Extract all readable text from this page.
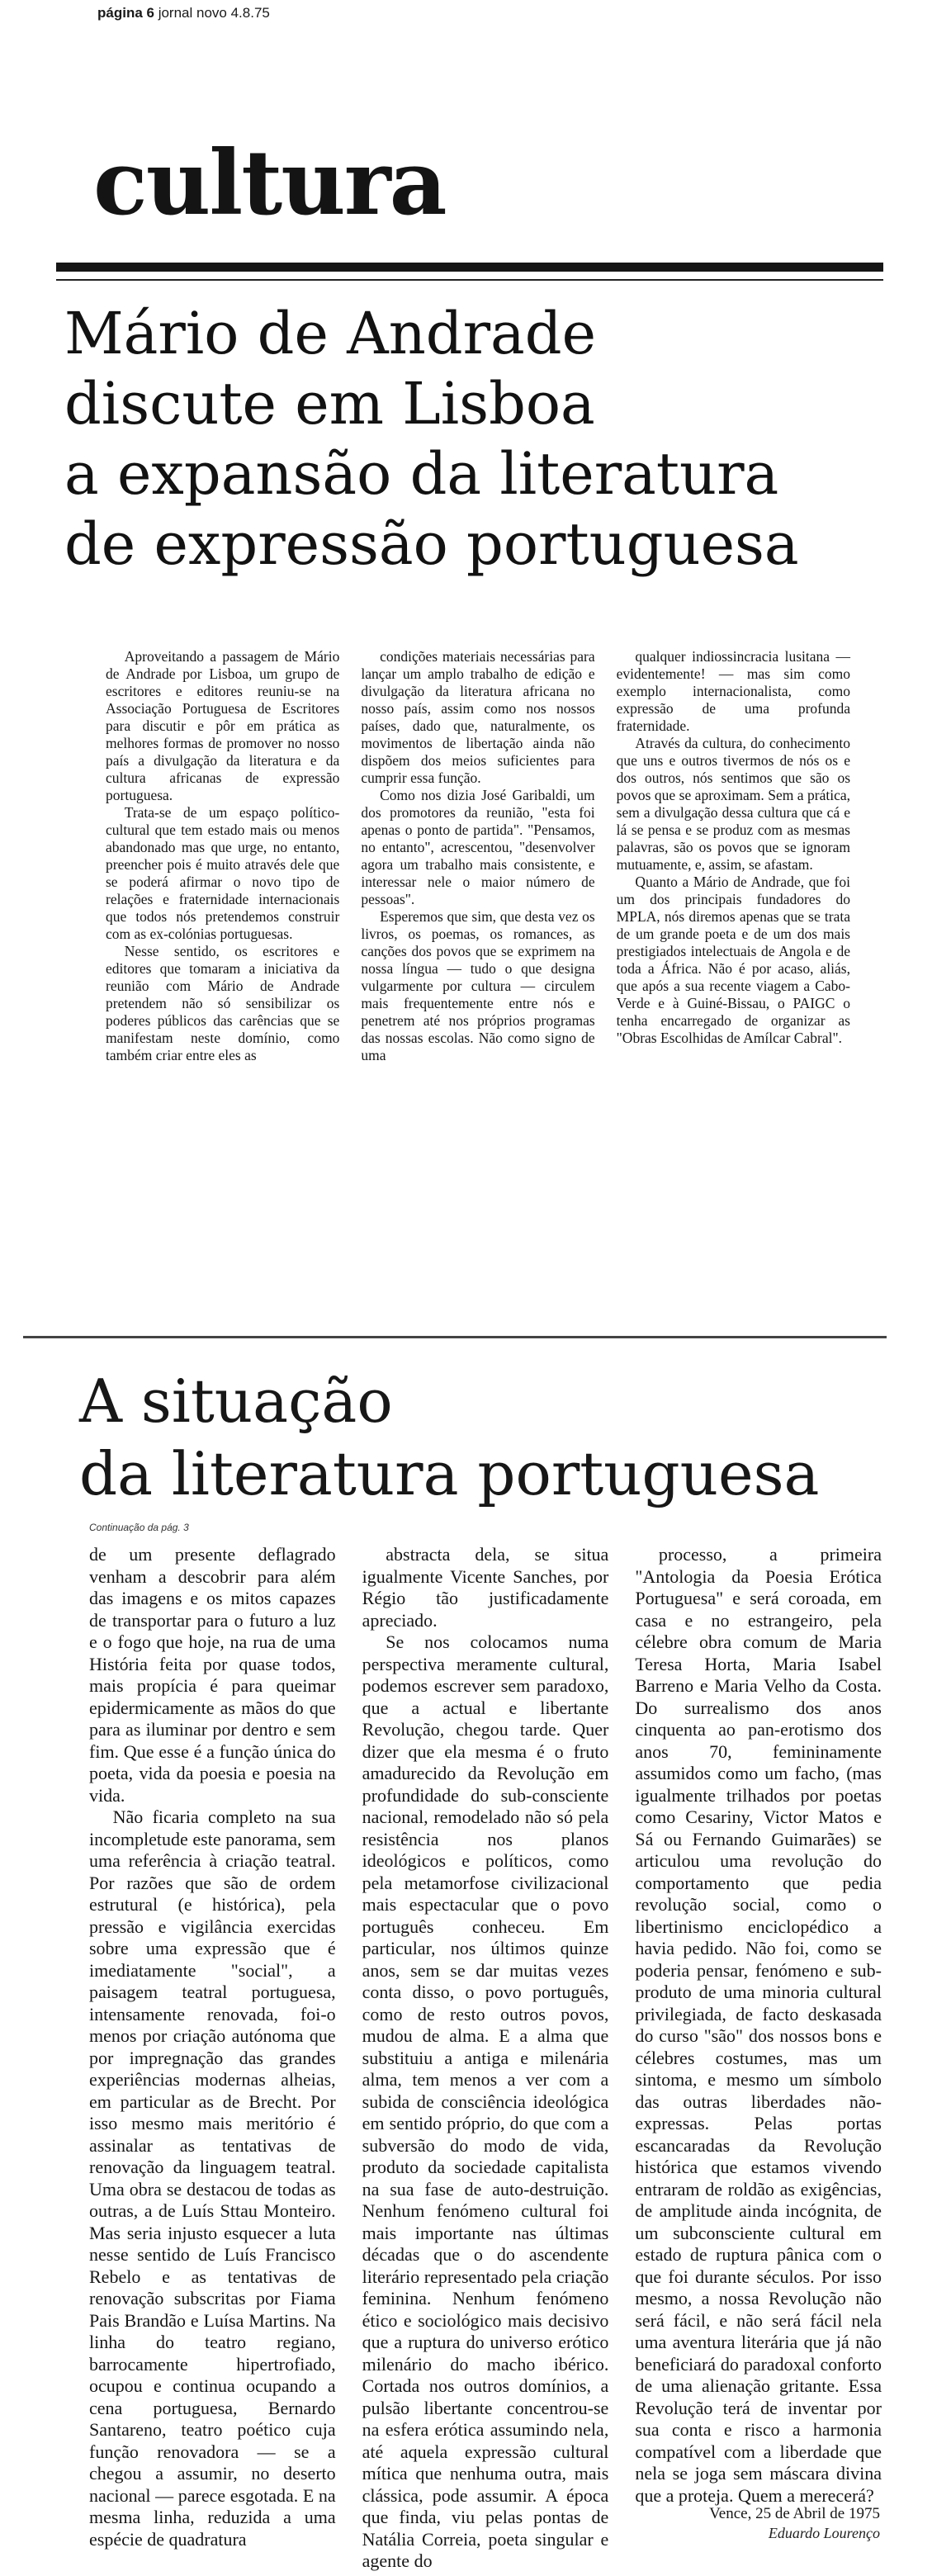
página 6 jornal novo 4.8.75
cultura
Mário de Andrade
discute em Lisboa
a expansão da literatura
de expressão portuguesa

Aproveitando a passagem de Mário de Andrade por Lisboa, um grupo de escritores e editores reuniu-se na Associação Portuguesa de Escritores para discutir e pôr em prática as melhores formas de promover no nosso país a divulgação da literatura e da cultura africanas de expressão portuguesa.

Trata-se de um espaço político-cultural que tem estado mais ou menos abandonado mas que urge, no entanto, preencher pois é muito através dele que se poderá afirmar o novo tipo de relações e fraternidade internacionais que todos nós pretendemos construir com as ex-colónias portuguesas.

Nesse sentido, os escritores e editores que tomaram a iniciativa da reunião com Mário de Andrade pretendem não só sensibilizar os poderes públicos das carências que se manifestam neste domínio, como também criar entre eles as

condições materiais necessárias para lançar um amplo trabalho de edição e divulgação da literatura africana no nosso país, assim como nos nossos países, dado que, naturalmente, os movimentos de libertação ainda não dispõem dos meios suficientes para cumprir essa função.

Como nos dizia José Garibaldi, um dos promotores da reunião, "esta foi apenas o ponto de partida". "Pensamos, no entanto", acrescentou, "desenvolver agora um trabalho mais consistente, e interessar nele o maior número de pessoas".

Esperemos que sim, que desta vez os livros, os poemas, os romances, as canções dos povos que se exprimem na nossa língua — tudo o que designa vulgarmente por cultura — circulem mais frequentemente entre nós e penetrem até nos próprios programas das nossas escolas. Não como signo de uma

qualquer indiossincracia lusitana — evidentemente! — mas sim como exemplo internacionalista, como expressão de uma profunda fraternidade.

Através da cultura, do conhecimento que uns e outros tivermos de nós os e dos outros, nós sentimos que são os povos que se aproximam. Sem a prática, sem a divulgação dessa cultura que cá e lá se pensa e se produz com as mesmas palavras, são os povos que se ignoram mutuamente, e, assim, se afastam.

Quanto a Mário de Andrade, que foi um dos principais fundadores do MPLA, nós diremos apenas que se trata de um grande poeta e de um dos mais prestigiados intelectuais de Angola e de toda a África. Não é por acaso, aliás, que após a sua recente viagem a Cabo-Verde e à Guiné-Bissau, o PAIGC o tenha encarregado de organizar as "Obras Escolhidas de Amílcar Cabral".

A situação
da literatura portuguesa
Continuação da pág. 3

de um presente deflagrado venham a descobrir para além das imagens e os mitos capazes de transportar para o futuro a luz e o fogo que hoje, na rua de uma História feita por quase todos, mais propícia é para queimar epidermicamente as mãos do que para as iluminar por dentro e sem fim. Que esse é a função única do poeta, vida da poesia e poesia na vida.

Não ficaria completo na sua incompletude este panorama, sem uma referência à criação teatral. Por razões que são de ordem estrutural (e histórica), pela pressão e vigilância exercidas sobre uma expressão que é imediatamente "social", a paisagem teatral portuguesa, intensamente renovada, foi-o menos por criação autónoma que por impregnação das grandes experiências modernas alheias, em particular as de Brecht. Por isso mesmo mais meritório é assinalar as tentativas de renovação da linguagem teatral. Uma obra se destacou de todas as outras, a de Luís Sttau Monteiro. Mas seria injusto esquecer a luta nesse sentido de Luís Francisco Rebelo e as tentativas de renovação subscritas por Fiama Pais Brandão e Luísa Martins. Na linha do teatro regiano, barrocamente hipertrofiado, ocupou e continua ocupando a cena portuguesa, Bernardo Santareno, teatro poético cuja função renovadora — se a chegou a assumir, no deserto nacional — parece esgotada. E na mesma linha, reduzida a uma espécie de quadratura

abstracta dela, se situa igualmente Vicente Sanches, por Régio tão justificadamente apreciado.

Se nos colocamos numa perspectiva meramente cultural, podemos escrever sem paradoxo, que a actual e libertante Revolução, chegou tarde. Quer dizer que ela mesma é o fruto amadurecido da Revolução em profundidade do sub-consciente nacional, remodelado não só pela resistência nos planos ideológicos e políticos, como pela metamorfose civilizacional mais espectacular que o povo português conheceu. Em particular, nos últimos quinze anos, sem se dar muitas vezes conta disso, o povo português, como de resto outros povos, mudou de alma. E a alma que substituiu a antiga e milenária alma, tem menos a ver com a subida de consciência ideológica em sentido próprio, do que com a subversão do modo de vida, produto da sociedade capitalista na sua fase de auto-destruição. Nenhum fenómeno cultural foi mais importante nas últimas décadas que o do ascendente literário representado pela criação feminina. Nenhum fenómeno ético e sociológico mais decisivo que a ruptura do universo erótico milenário do macho ibérico. Cortada nos outros domínios, a pulsão libertante concentrou-se na esfera erótica assumindo nela, até aquela expressão cultural mítica que nenhuma outra, mais clássica, pode assumir. A época que finda, viu pelas pontas de Natália Correia, poeta singular e agente do

processo, a primeira "Antologia da Poesia Erótica Portuguesa" e será coroada, em casa e no estrangeiro, pela célebre obra comum de Maria Teresa Horta, Maria Isabel Barreno e Maria Velho da Costa. Do surrealismo dos anos cinquenta ao pan-erotismo dos anos 70, femininamente assumidos como um facho, (mas igualmente trilhados por poetas como Cesariny, Victor Matos e Sá ou Fernando Guimarães) se articulou uma revolução do comportamento que pedia revolução social, como o libertinismo enciclopédico a havia pedido. Não foi, como se poderia pensar, fenómeno e sub-produto de uma minoria cultural privilegiada, de facto deskasada do curso "são" dos nossos bons e célebres costumes, mas um sintoma, e mesmo um símbolo das outras liberdades não-expressas. Pelas portas escancaradas da Revolução histórica que estamos vivendo entraram de roldão as exigências, de amplitude ainda incógnita, de um subconsciente cultural em estado de ruptura pânica com o que foi durante séculos. Por isso mesmo, a nossa Revolução não será fácil, e não será fácil nela uma aventura literária que já não beneficiará do paradoxal conforto de uma alienação gritante. Essa Revolução terá de inventar por sua conta e risco a harmonia compatível com a liberdade que nela se joga sem máscara divina que a proteja. Quem a merecerá?

Vence, 25 de Abril de 1975
Eduardo Lourenço
